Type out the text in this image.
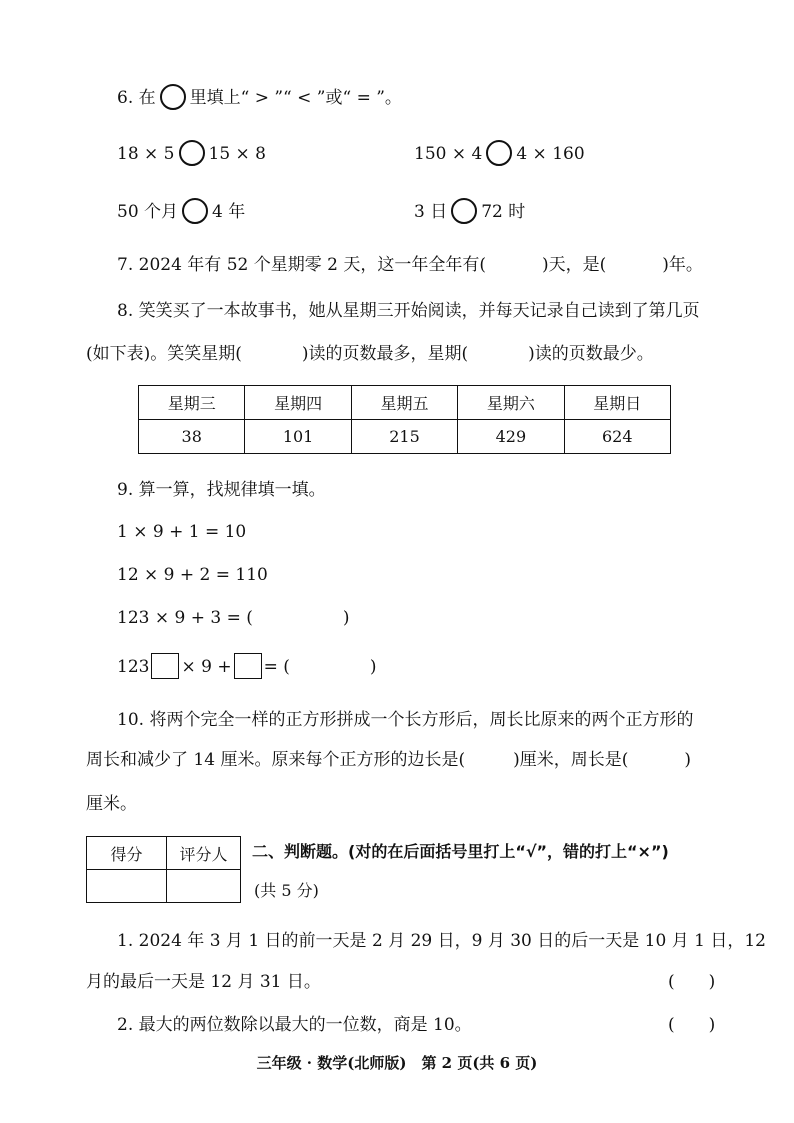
6. 在 里填上“ > ”“ < ”或“ = ”。
18 × 5 15 × 8	150 × 4 4 × 160
50 个月 4 年	3 日 72 时
7. 2024 年有 52 个星期零 2 天，这一年全年有(	)天，是(	)年。
8. 笑笑买了一本故事书，她从星期三开始阅读，并每天记录自己读到了第几页
(如下表)。笑笑星期(	)读的页数最多，星期(	)读的页数最少。
星期三	星期四	星期五	星期六	星期日
38	101	215	429	624
9. 算一算，找规律填一填。
1 × 9 + 1 = 10
12 × 9 + 2 = 110
123 × 9 + 3 = (	)
123 × 9 + = (	)
10. 将两个完全一样的正方形拼成一个长方形后，周长比原来的两个正方形的
周长和减少了 14 厘米。原来每个正方形的边长是(	)厘米，周长是(	)
厘米。
得分	评分人
	二、判断题。(对的在后面括号里打上“√”，错的打上“×”)
(共 5 分)
1. 2024 年 3 月 1 日的前一天是 2 月 29 日，9 月 30 日的后一天是 10 月 1 日，12
月的最后一天是 12 月 31 日。	(　　)
2. 最大的两位数除以最大的一位数，商是 10。	(　　)
三年级 · 数学(北师版)　第 2 页(共 6 页)
